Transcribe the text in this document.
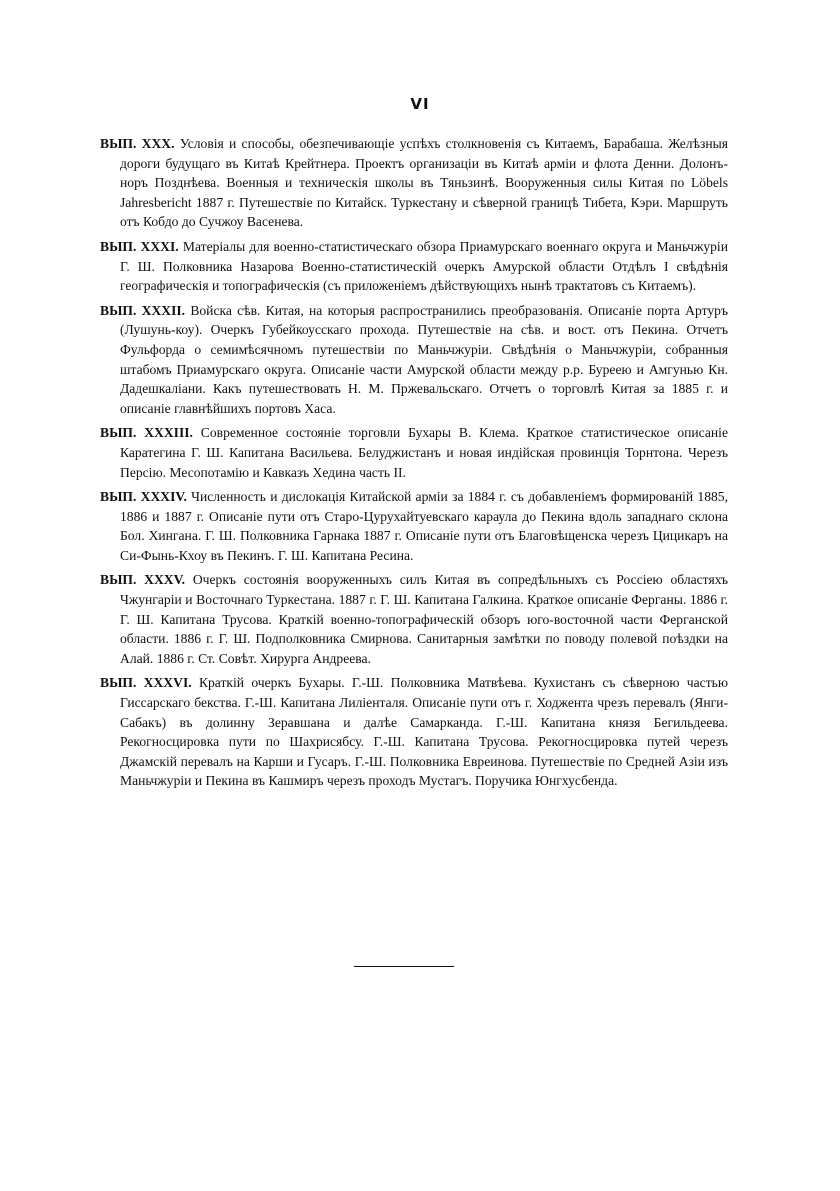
VI

ВЫП. XXX. Условія и способы, обезпечивающіе успѣхъ столкновенія съ Китаемъ, Барабаша. Желѣзныя дороги будущаго въ Китаѣ Крейтнера. Проектъ организаціи въ Китаѣ арміи и флота Денни. Долонъ-норъ Позднѣева. Военныя и техническія школы въ Тяньзинѣ. Вооруженныя силы Китая по Löbels Jahresbericht 1887 г. Путешествіе по Китайск. Туркестану и сѣверной границѣ Тибета, Кэри. Маршруть отъ Кобдо до Сучжоу Васенева.

ВЫП. XXXI. Матеріалы для военно-статистическаго обзора Приамурскаго военнаго округа и Маньчжуріи Г. Ш. Полковника Назарова Военно-статистическій очеркъ Амурской области Отдѣлъ I свѣдѣнія географическія и топографическія (съ приложеніемъ дѣйствующихъ нынѣ трактатовъ съ Китаемъ).

ВЫП. XXXII. Войска сѣв. Китая, на которыя распространились преобразованія. Описаніе порта Артуръ (Лушунь-коу). Очеркъ Губейкоусскаго прохода. Путешествіе на сѣв. и вост. отъ Пекина. Отчетъ Фульфорда о семимѣсячномъ путешествіи по Маньчжуріи. Свѣдѣнія о Маньчжуріи, собранныя штабомъ Приамурскаго округа. Описаніе части Амурской области между р.р. Буреею и Амгунью Кн. Дадешкаліани. Какъ путешествовать Н. М. Пржевальскаго. Отчетъ о торговлѣ Китая за 1885 г. и описаніе главнѣйшихъ портовъ Хаса.

ВЫП. XXXIII. Современное состояніе торговли Бухары В. Клема. Краткое статистическое описаніе Каратегина Г. Ш. Капитана Васильева. Белуджистанъ и новая индійская провинція Торнтона. Черезъ Персію. Месопотамію и Кавказъ Хедина часть II.

ВЫП. XXXIV. Численность и дислокація Китайской арміи за 1884 г. съ добавленіемъ формированій 1885, 1886 и 1887 г. Описаніе пути отъ Старо-Цурухайтуевскаго караула до Пекина вдоль западнаго склона Бол. Хингана. Г. Ш. Полковника Гарнака 1887 г. Описаніе пути отъ Благовѣщенска черезъ Цицикаръ на Си-Фынь-Кхоу въ Пекинъ. Г. Ш. Капитана Ресина.

ВЫП. XXXV. Очеркъ состоянія вооруженныхъ силъ Китая въ сопредѣльныхъ съ Россіею областяхъ Чжунгаріи и Восточнаго Туркестана. 1887 г. Г. Ш. Капитана Галкина. Краткое описаніе Ферганы. 1886 г. Г. Ш. Капитана Трусова. Краткій военно-топографическій обзоръ юго-восточной части Ферганской области. 1886 г. Г. Ш. Подполковника Смирнова. Санитарныя замѣтки по поводу полевой поѣздки на Алай. 1886 г. Ст. Совѣт. Хирурга Андреева.

ВЫП. XXXVI. Краткій очеркъ Бухары. Г.-Ш. Полковника Матвѣева. Кухистанъ съ сѣверною частью Гиссарскаго бекства. Г.-Ш. Капитана Лиліенталя. Описаніе пути отъ г. Ходжента чрезъ перевалъ (Янги-Сабакъ) въ долинну Зеравшана и далѣе Самарканда. Г.-Ш. Капитана князя Бегильдеева. Рекогносцировка пути по Шахрисябсу. Г.-Ш. Капитана Трусова. Рекогносцировка путей черезъ Джамскій перевалъ на Карши и Гусаръ. Г.-Ш. Полковника Евреинова. Путешествіе по Средней Азіи изъ Маньчжуріи и Пекина въ Кашмиръ черезъ проходъ Мустагъ. Поручика Юнгхусбенда.
